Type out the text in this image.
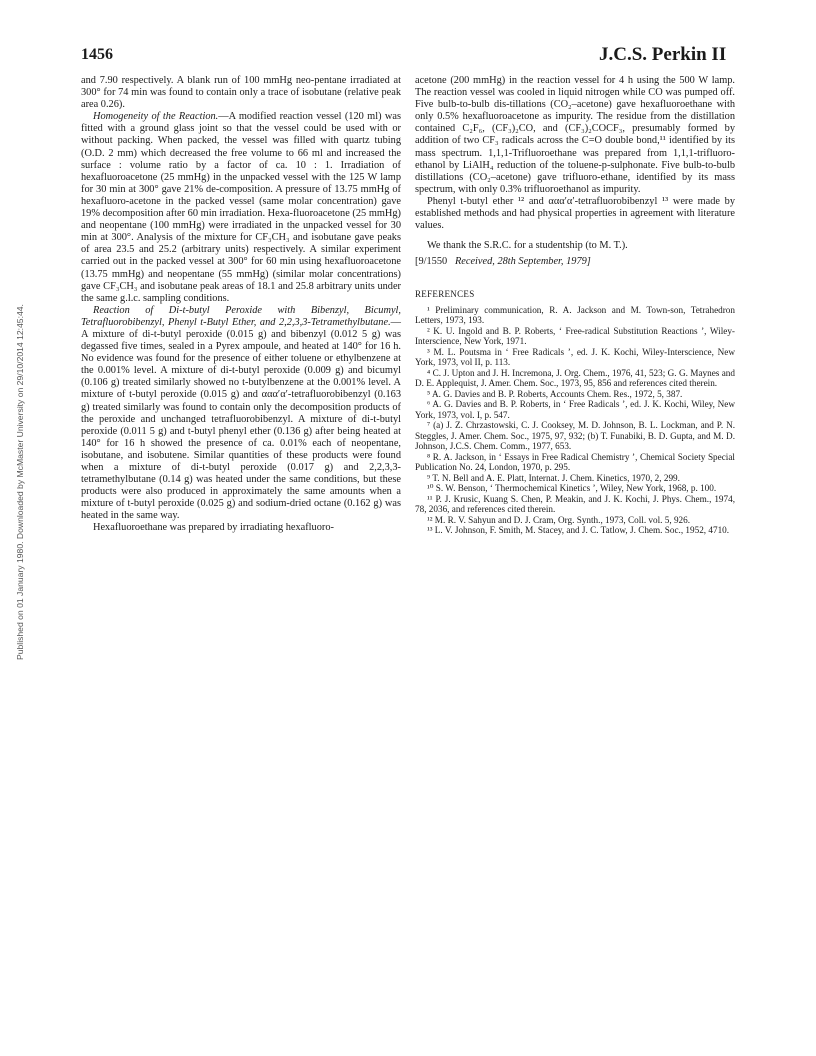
Published on 01 January 1980. Downloaded by McMaster University on 29/10/2014 12:45:44.
1456	J.C.S. Perkin II

and 7.90 respectively. A blank run of 100 mmHg neo-pentane irradiated at 300° for 74 min was found to contain only a trace of isobutane (relative peak area 0.26).

Homogeneity of the Reaction.—A modified reaction vessel (120 ml) was fitted with a ground glass joint so that the vessel could be used with or without packing. When packed, the vessel was filled with quartz tubing (O.D. 2 mm) which decreased the free volume to 66 ml and increased the surface : volume ratio by a factor of ca. 10 : 1. Irradiation of hexafluoroacetone (25 mmHg) in the unpacked vessel with the 125 W lamp for 30 min at 300° gave 21% de-composition. A pressure of 13.75 mmHg of hexafluoro-acetone in the packed vessel (same molar concentration) gave 19% decomposition after 60 min irradiation. Hexa-fluoroacetone (25 mmHg) and neopentane (100 mmHg) were irradiated in the unpacked vessel for 30 min at 300°. Analysis of the mixture for CF₃CH₃ and isobutane gave peaks of area 23.5 and 25.2 (arbitrary units) respectively. A similar experiment carried out in the packed vessel at 300° for 60 min using hexafluoroacetone (13.75 mmHg) and neopentane (55 mmHg) (similar molar concentrations) gave CF₃CH₃ and isobutane peak areas of 18.1 and 25.8 arbitrary units under the same g.l.c. sampling conditions.

Reaction of Di-t-butyl Peroxide with Bibenzyl, Bicumyl, Tetrafluorobibenzyl, Phenyl t-Butyl Ether, and 2,2,3,3-Tetramethylbutane.—A mixture of di-t-butyl peroxide (0.015 g) and bibenzyl (0.012 5 g) was degassed five times, sealed in a Pyrex ampoule, and heated at 140° for 16 h. No evidence was found for the presence of either toluene or ethylbenzene at the 0.001% level. A mixture of di-t-butyl peroxide (0.009 g) and bicumyl (0.106 g) treated similarly showed no t-butylbenzene at the 0.001% level. A mixture of t-butyl peroxide (0.015 g) and ααα′α′-tetrafluorobibenzyl (0.163 g) treated similarly was found to contain only the decomposition products of the peroxide and unchanged tetrafluorobibenzyl. A mixture of di-t-butyl peroxide (0.011 5 g) and t-butyl phenyl ether (0.136 g) after being heated at 140° for 16 h showed the presence of ca. 0.01% each of neopentane, isobutane, and isobutene. Similar quantities of these products were found when a mixture of di-t-butyl peroxide (0.017 g) and 2,2,3,3-tetramethylbutane (0.14 g) was heated under the same conditions, but these products were also produced in approximately the same amounts when a mixture of t-butyl peroxide (0.025 g) and sodium-dried octane (0.162 g) was heated in the same way.

Hexafluoroethane was prepared by irradiating hexafluoro-

acetone (200 mmHg) in the reaction vessel for 4 h using the 500 W lamp. The reaction vessel was cooled in liquid nitrogen while CO was pumped off. Five bulb-to-bulb dis-tillations (CO₂–acetone) gave hexafluoroethane with only 0.5% hexafluoroacetone as impurity. The residue from the distillation contained C₂F₆, (CF₃)₂CO, and (CF₃)₂COCF₃, presumably formed by addition of two CF₃ radicals across the C=O double bond,¹¹ identified by its mass spectrum. 1,1,1-Trifluoroethane was prepared from 1,1,1-trifluoro-ethanol by LiAlH₄ reduction of the toluene-p-sulphonate. Five bulb-to-bulb distillations (CO₂–acetone) gave trifluoro-ethane, identified by its mass spectrum, with only 0.3% trifluoroethanol as impurity.

Phenyl t-butyl ether ¹² and ααα′α′-tetrafluorobibenzyl ¹³ were made by established methods and had physical properties in agreement with literature values.

We thank the S.R.C. for a studentship (to M. T.).

[9/1550 Received, 28th September, 1979]

REFERENCES

¹ Preliminary communication, R. A. Jackson and M. Town-son, Tetrahedron Letters, 1973, 193.

² K. U. Ingold and B. P. Roberts, ‘ Free-radical Substitution Reactions ’, Wiley-Interscience, New York, 1971.

³ M. L. Poutsma in ‘ Free Radicals ’, ed. J. K. Kochi, Wiley-Interscience, New York, 1973, vol II, p. 113.

⁴ C. J. Upton and J. H. Incremona, J. Org. Chem., 1976, 41, 523; G. G. Maynes and D. E. Applequist, J. Amer. Chem. Soc., 1973, 95, 856 and references cited therein.

⁵ A. G. Davies and B. P. Roberts, Accounts Chem. Res., 1972, 5, 387.

⁶ A. G. Davies and B. P. Roberts, in ‘ Free Radicals ’, ed. J. K. Kochi, Wiley, New York, 1973, vol. I, p. 547.

⁷ (a) J. Z. Chrzastowski, C. J. Cooksey, M. D. Johnson, B. L. Lockman, and P. N. Steggles, J. Amer. Chem. Soc., 1975, 97, 932; (b) T. Funabiki, B. D. Gupta, and M. D. Johnson, J.C.S. Chem. Comm., 1977, 653.

⁸ R. A. Jackson, in ‘ Essays in Free Radical Chemistry ’, Chemical Society Special Publication No. 24, London, 1970, p. 295.

⁹ T. N. Bell and A. E. Platt, Internat. J. Chem. Kinetics, 1970, 2, 299.

¹⁰ S. W. Benson, ‘ Thermochemical Kinetics ’, Wiley, New York, 1968, p. 100.

¹¹ P. J. Krusic, Kuang S. Chen, P. Meakin, and J. K. Kochi, J. Phys. Chem., 1974, 78, 2036, and references cited therein.

¹² M. R. V. Sahyun and D. J. Cram, Org. Synth., 1973, Coll. vol. 5, 926.

¹³ L. V. Johnson, F. Smith, M. Stacey, and J. C. Tatlow, J. Chem. Soc., 1952, 4710.
